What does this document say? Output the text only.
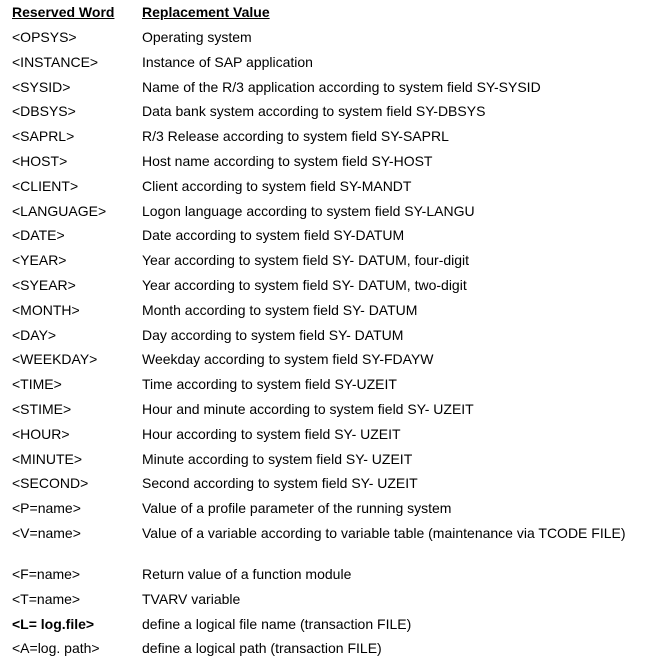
Reserved Word	Replacement Value
<OPSYS>	Operating system
<INSTANCE>	Instance of SAP application
<SYSID>	Name of the R/3 application according to system field SY-SYSID
<DBSYS>	Data bank system according to system field SY-DBSYS
<SAPRL>	R/3 Release according to system field SY-SAPRL
<HOST>	Host name according to system field SY-HOST
<CLIENT>	Client according to system field SY-MANDT
<LANGUAGE>	Logon language according to system field SY-LANGU
<DATE>	Date according to system field SY-DATUM
<YEAR>	Year according to system field SY- DATUM, four-digit
<SYEAR>	Year according to system field SY- DATUM, two-digit
<MONTH>	Month according to system field SY- DATUM
<DAY>	Day according to system field SY- DATUM
<WEEKDAY>	Weekday according to system field SY-FDAYW
<TIME>	Time according to system field SY-UZEIT
<STIME>	Hour and minute according to system field SY- UZEIT
<HOUR>	Hour according to system field SY- UZEIT
<MINUTE>	Minute according to system field SY- UZEIT
<SECOND>	Second according to system field SY- UZEIT
<P=name>	Value of a profile parameter of the running system
<V=name>	Value of a variable according to variable table (maintenance via TCODE FILE)
<F=name>	Return value of a function module
<T=name>	TVARV variable
<L= log.file>	define a logical file name (transaction FILE)
<A=log. path>	define a logical path (transaction FILE)
